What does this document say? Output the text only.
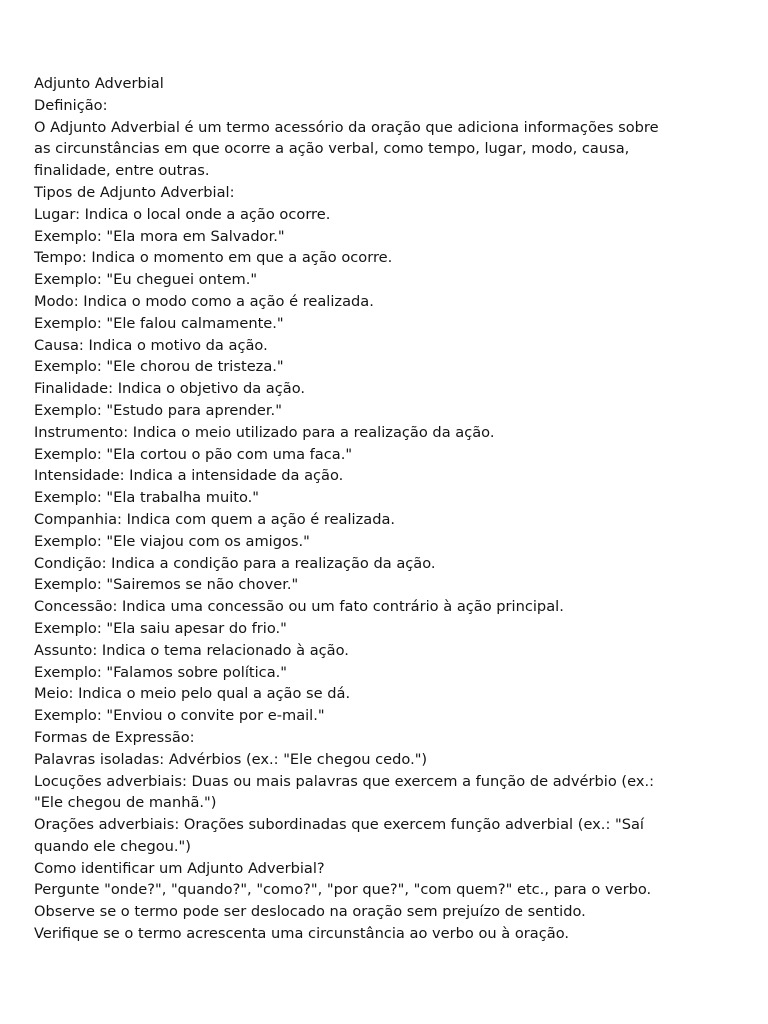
Adjunto Adverbial
Definição:
O Adjunto Adverbial é um termo acessório da oração que adiciona informações sobre
as circunstâncias em que ocorre a ação verbal, como tempo, lugar, modo, causa,
finalidade, entre outras.
Tipos de Adjunto Adverbial:
Lugar: Indica o local onde a ação ocorre.
Exemplo: "Ela mora em Salvador."
Tempo: Indica o momento em que a ação ocorre.
Exemplo: "Eu cheguei ontem."
Modo: Indica o modo como a ação é realizada.
Exemplo: "Ele falou calmamente."
Causa: Indica o motivo da ação.
Exemplo: "Ele chorou de tristeza."
Finalidade: Indica o objetivo da ação.
Exemplo: "Estudo para aprender."
Instrumento: Indica o meio utilizado para a realização da ação.
Exemplo: "Ela cortou o pão com uma faca."
Intensidade: Indica a intensidade da ação.
Exemplo: "Ela trabalha muito."
Companhia: Indica com quem a ação é realizada.
Exemplo: "Ele viajou com os amigos."
Condição: Indica a condição para a realização da ação.
Exemplo: "Sairemos se não chover."
Concessão: Indica uma concessão ou um fato contrário à ação principal.
Exemplo: "Ela saiu apesar do frio."
Assunto: Indica o tema relacionado à ação.
Exemplo: "Falamos sobre política."
Meio: Indica o meio pelo qual a ação se dá.
Exemplo: "Enviou o convite por e-mail."
Formas de Expressão:
Palavras isoladas: Advérbios (ex.: "Ele chegou cedo.")
Locuções adverbiais: Duas ou mais palavras que exercem a função de advérbio (ex.:
"Ele chegou de manhã.")
Orações adverbiais: Orações subordinadas que exercem função adverbial (ex.: "Saí
quando ele chegou.")
Como identificar um Adjunto Adverbial?
Pergunte "onde?", "quando?", "como?", "por que?", "com quem?" etc., para o verbo.
Observe se o termo pode ser deslocado na oração sem prejuízo de sentido.
Verifique se o termo acrescenta uma circunstância ao verbo ou à oração.
